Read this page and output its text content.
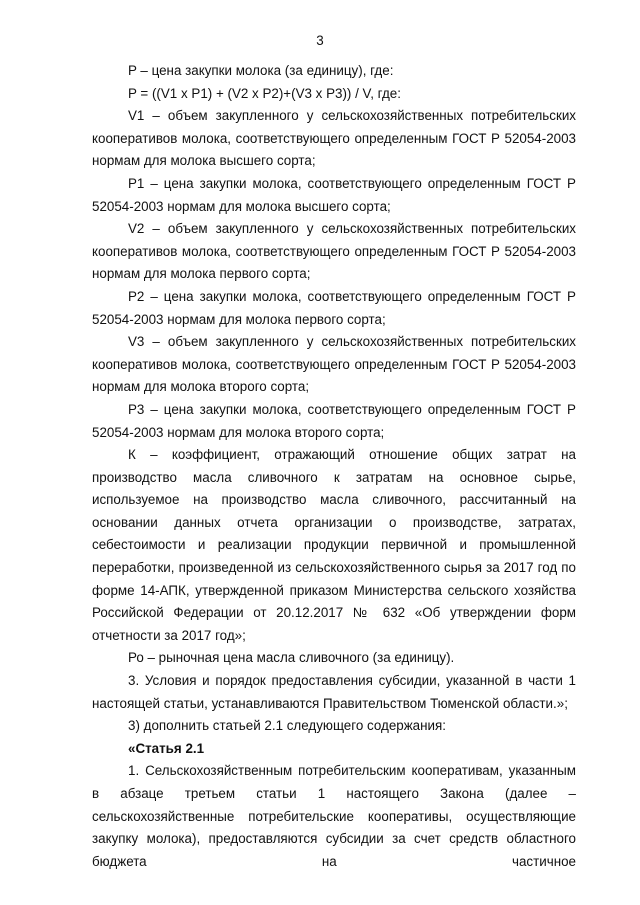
3

P – цена закупки молока (за единицу), где:

P = ((V1 x P1) + (V2 x P2)+(V3 x P3)) / V, где:

V1 – объем закупленного у сельскохозяйственных потребительских кооперативов молока, соответствующего определенным ГОСТ Р 52054-2003 нормам для молока высшего сорта;

P1 – цена закупки молока, соответствующего определенным ГОСТ Р 52054-2003 нормам для молока высшего сорта;

V2 – объем закупленного у сельскохозяйственных потребительских кооперативов молока, соответствующего определенным ГОСТ Р 52054-2003 нормам для молока первого сорта;

P2 – цена закупки молока, соответствующего определенным ГОСТ Р 52054-2003 нормам для молока первого сорта;

V3 – объем закупленного у сельскохозяйственных потребительских кооперативов молока, соответствующего определенным ГОСТ Р 52054-2003 нормам для молока второго сорта;

P3 – цена закупки молока, соответствующего определенным ГОСТ Р 52054-2003 нормам для молока второго сорта;

К – коэффициент, отражающий отношение общих затрат на производство масла сливочного к затратам на основное сырье, используемое на производство масла сливочного, рассчитанный на основании данных отчета организации о производстве, затратах, себестоимости и реализации продукции первичной и промышленной переработки, произведенной из сельскохозяйственного сырья за 2017 год по форме 14-АПК, утвержденной приказом Министерства сельского хозяйства Российской Федерации от 20.12.2017 № 632 «Об утверждении форм отчетности за 2017 год»;

Ро – рыночная цена масла сливочного (за единицу).

3. Условия и порядок предоставления субсидии, указанной в части 1 настоящей статьи, устанавливаются Правительством Тюменской области.»;

3) дополнить статьей 2.1 следующего содержания:

«Статья 2.1

1. Сельскохозяйственным потребительским кооперативам, указанным в абзаце третьем статьи 1 настоящего Закона (далее – сельскохозяйственные потребительские кооперативы, осуществляющие закупку молока), предоставляются субсидии за счет средств областного бюджета на частичное
